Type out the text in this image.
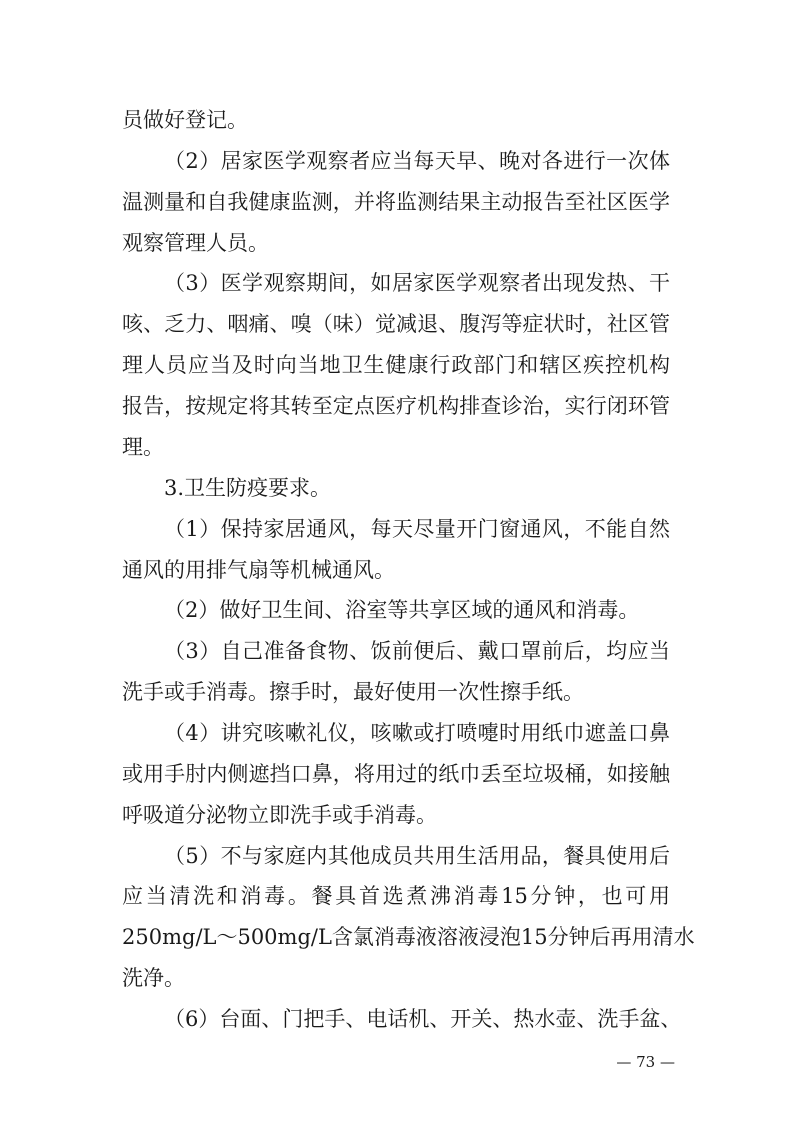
员做好登记。
（2）居家医学观察者应当每天早、晚对各进行一次体
温测量和自我健康监测，并将监测结果主动报告至社区医学
观察管理人员。
（3）医学观察期间，如居家医学观察者出现发热、干
咳、乏力、咽痛、嗅（味）觉减退、腹泻等症状时，社区管
理人员应当及时向当地卫生健康行政部门和辖区疾控机构
报告，按规定将其转至定点医疗机构排查诊治，实行闭环管
理。
3.卫生防疫要求。
（1）保持家居通风，每天尽量开门窗通风，不能自然
通风的用排气扇等机械通风。
（2）做好卫生间、浴室等共享区域的通风和消毒。
（3）自己准备食物、饭前便后、戴口罩前后，均应当
洗手或手消毒。擦手时，最好使用一次性擦手纸。
（4）讲究咳嗽礼仪，咳嗽或打喷嚏时用纸巾遮盖口鼻
或用手肘内侧遮挡口鼻，将用过的纸巾丢至垃圾桶，如接触
呼吸道分泌物立即洗手或手消毒。
（5）不与家庭内其他成员共用生活用品，餐具使用后
应当清洗和消毒。餐具首选煮沸消毒15分钟，也可用
250mg/L～500mg/L含氯消毒液溶液浸泡15分钟后再用清水
洗净。
（6）台面、门把手、电话机、开关、热水壶、洗手盆、
— 73 —
